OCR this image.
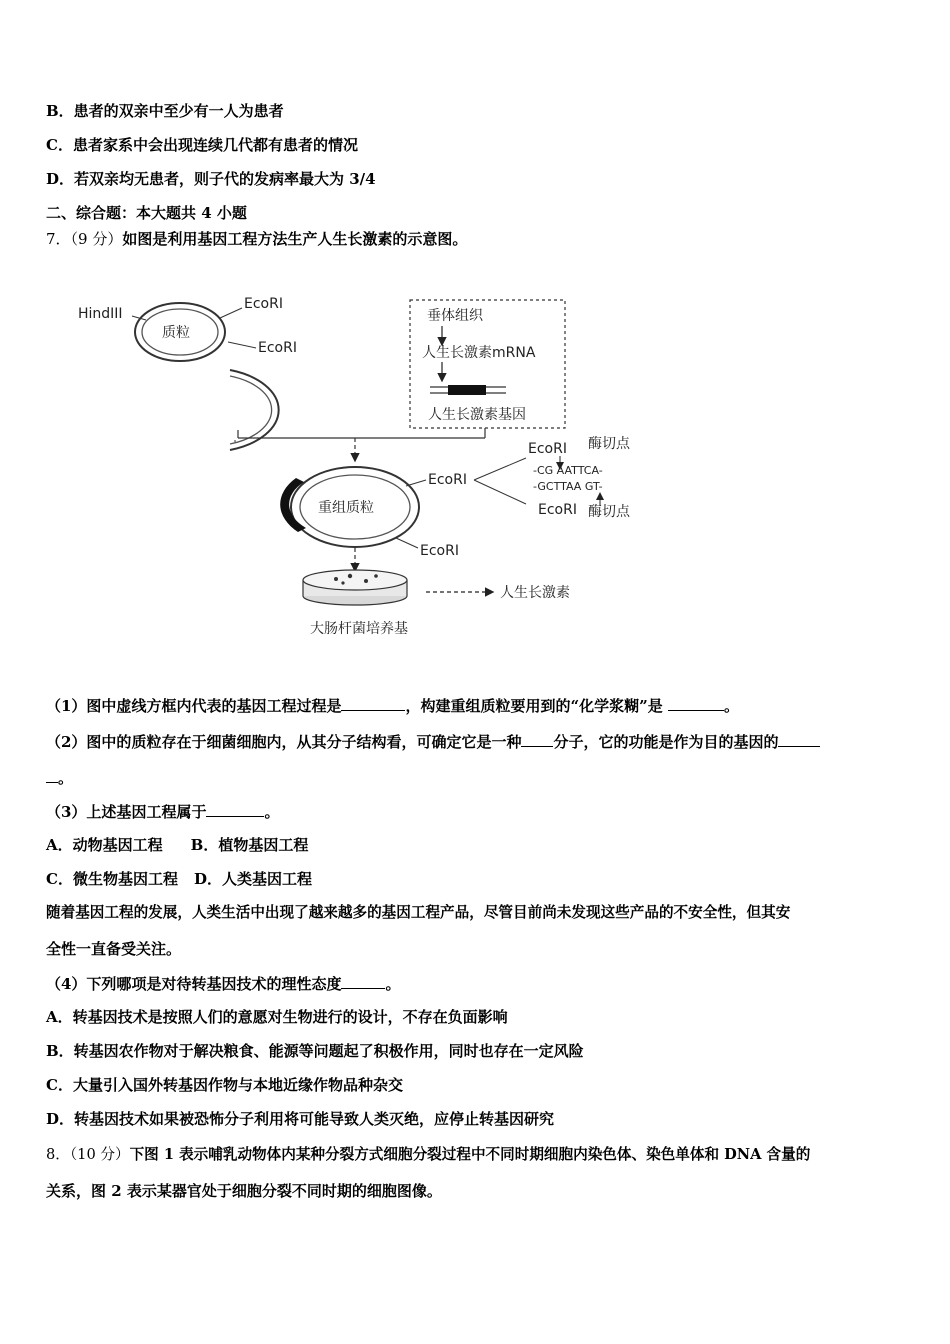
B．患者的双亲中至少有一人为患者
C．患者家系中会出现连续几代都有患者的情况
D．若双亲均无患者，则子代的发病率最大为 3/4
二、综合题：本大题共 4 小题
7．（9 分）如图是利用基因工程方法生产人生长激素的示意图。
质粒
HindIII
EcoRI
EcoRI
垂体组织
人生长激素mRNA
人生长激素基因
重组质粒
EcoRI
EcoRI
EcoRI 酶切点
-CG AATTCA-
-GCTTAA GT-
EcoRI 酶切点
大肠杆菌培养基
人生长激素
（1）图中虚线方框内代表的基因工程过程是	，构建重组质粒要用到的“化学浆糊”是	。
（2）图中的质粒存在于细菌细胞内，从其分子结构看，可确定它是一种 分子，它的功能是作为目的基因的
。
（3）上述基因工程属于	。
A．动物基因工程 B．植物基因工程
C．微生物基因工程 D．人类基因工程
随着基因工程的发展，人类生活中出现了越来越多的基因工程产品，尽管目前尚未发现这些产品的不安全性，但其安
全性一直备受关注。
（4）下列哪项是对待转基因技术的理性态度	。
A．转基因技术是按照人们的意愿对生物进行的设计，不存在负面影响
B．转基因农作物对于解决粮食、能源等问题起了积极作用，同时也存在一定风险
C．大量引入国外转基因作物与本地近缘作物品种杂交
D．转基因技术如果被恐怖分子利用将可能导致人类灭绝，应停止转基因研究
8．（10 分）下图 1 表示哺乳动物体内某种分裂方式细胞分裂过程中不同时期细胞内染色体、染色单体和 DNA 含量的
关系，图 2 表示某器官处于细胞分裂不同时期的细胞图像。
